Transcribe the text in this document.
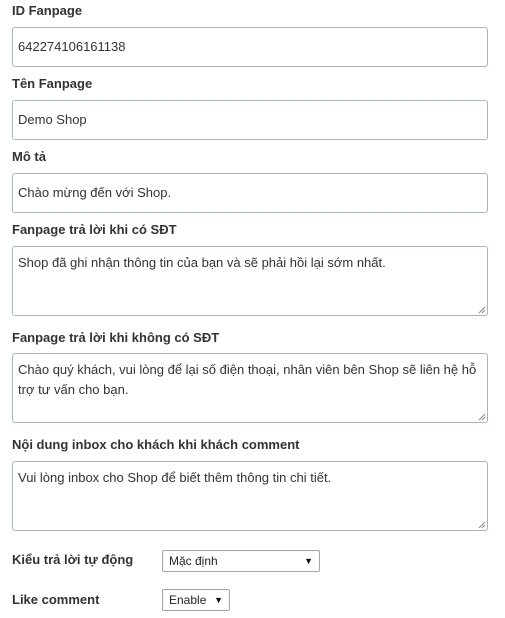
ID Fanpage
642274106161138
Tên Fanpage
Demo Shop
Mô tả
Chào mừng đến với Shop.
Fanpage trả lời khi có SĐT
Shop đã ghi nhận thông tin của bạn và sẽ phải hồi lại sớm nhất.
Fanpage trả lời khi không có SĐT
Chào quý khách, vui lòng để lại số điện thoại, nhân viên bên Shop sẽ liên hệ hỗ trợ tư vấn cho bạn.
Nội dung inbox cho khách khi khách comment
Vui lòng inbox cho Shop để biết thêm thông tin chi tiết.
Kiểu trả lời tự động	Mặc định	▼
Like comment	Enable ▼
